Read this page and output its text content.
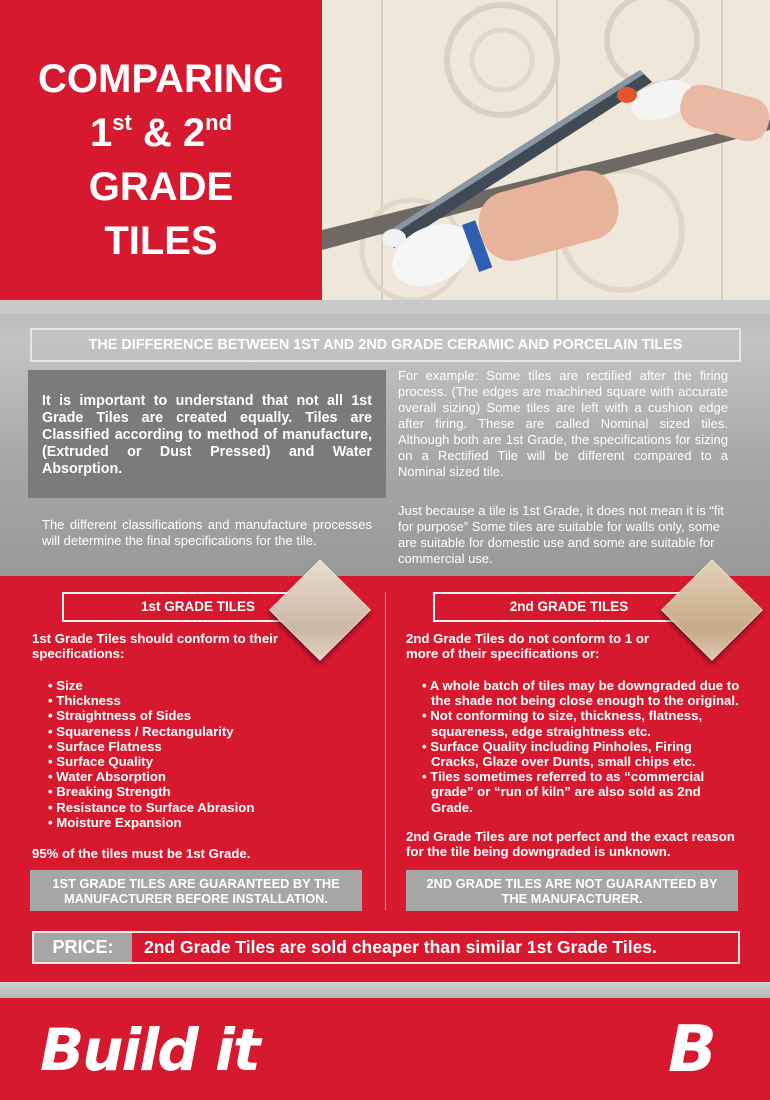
COMPARING
1st & 2nd
GRADE
TILES
THE DIFFERENCE BETWEEN 1ST AND 2ND GRADE CERAMIC AND PORCELAIN TILES
It is important to understand that not all 1st Grade Tiles are created equally. Tiles are Classified according to method of manufacture, (Extruded or Dust Pressed) and Water Absorption.
The different classifications and manufacture processes will determine the final specifications for the tile.
For example: Some tiles are rectified after the firing process. (The edges are machined square with accurate overall sizing) Some tiles are left with a cushion edge after firing. These are called Nominal sized tiles. Although both are 1st Grade, the specifications for sizing on a Rectified Tile will be different compared to a Nominal sized tile.
Just because a tile is 1st Grade, it does not mean it is “fit for purpose” Some tiles are suitable for walls only, some are suitable for domestic use and some are suitable for commercial use.
1st GRADE TILES	2nd GRADE TILES
1st Grade Tiles should conform to their specifications:
• Size
• Thickness
• Straightness of Sides
• Squareness / Rectangularity
• Surface Flatness
• Surface Quality
• Water Absorption
• Breaking Strength
• Resistance to Surface Abrasion
• Moisture Expansion
95% of the tiles must be 1st Grade.
2nd Grade Tiles do not conform to 1 or more of their specifications or:
• A whole batch of tiles may be downgraded due to the shade not being close enough to the original.
• Not conforming to size, thickness, flatness, squareness, edge straightness etc.
• Surface Quality including Pinholes, Firing Cracks, Glaze over Dunts, small chips etc.
• Tiles sometimes referred to as “commercial grade” or “run of kiln” are also sold as 2nd Grade.
2nd Grade Tiles are not perfect and the exact reason for the tile being downgraded is unknown.
1ST GRADE TILES ARE GUARANTEED BY THE MANUFACTURER BEFORE INSTALLATION.
2ND GRADE TILES ARE NOT GUARANTEED BY THE MANUFACTURER.
PRICE:	2nd Grade Tiles are sold cheaper than similar 1st Grade Tiles.
Build it	B
